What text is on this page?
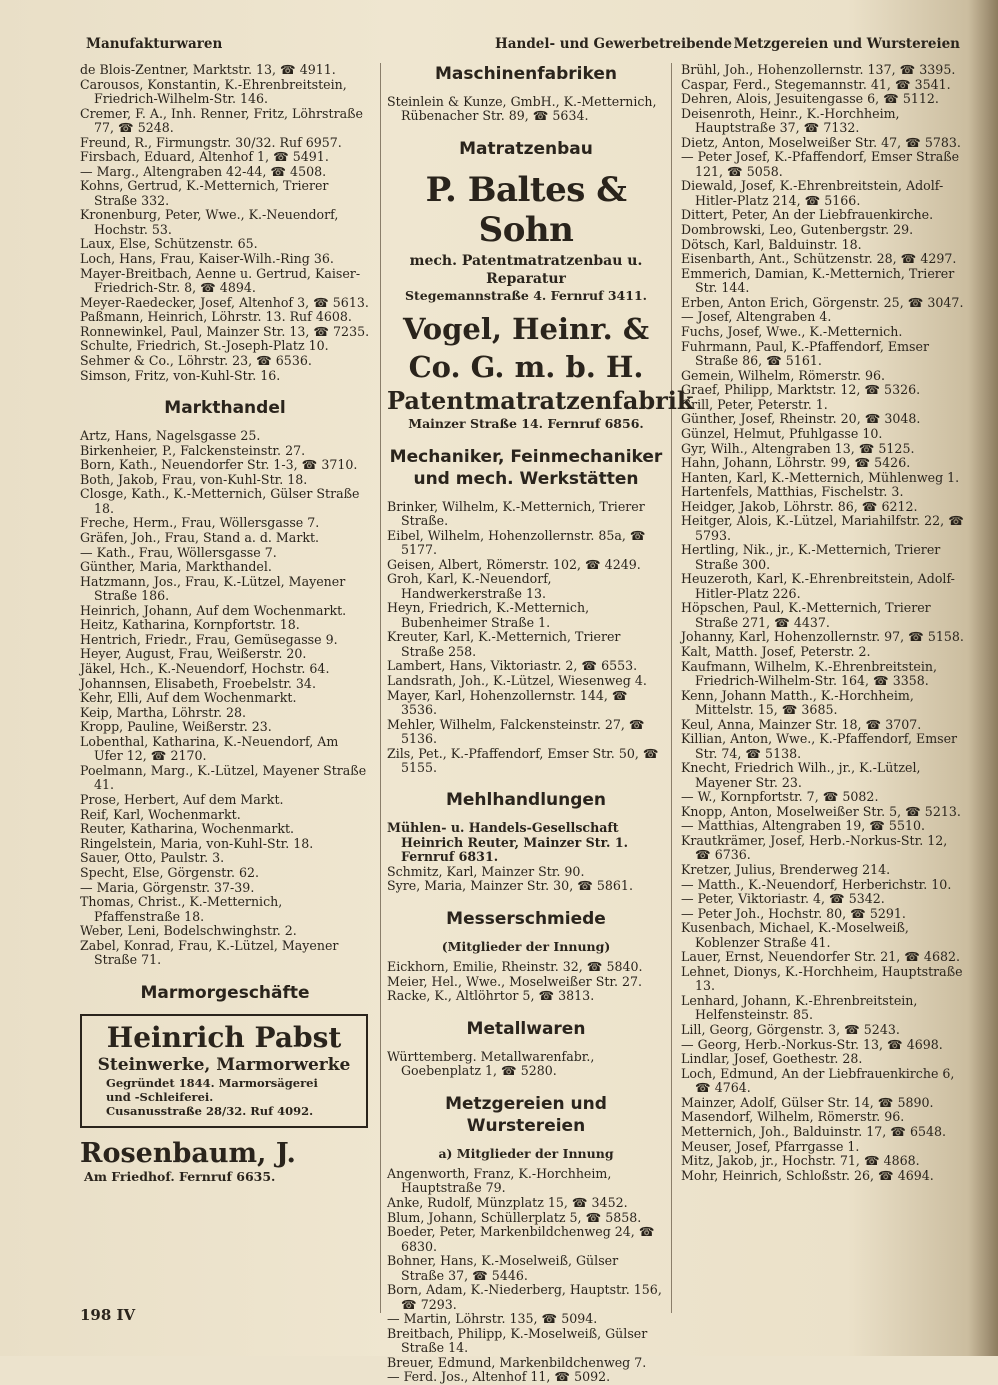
Manufakturwaren	Handel- und Gewerbetreibende Metzgereien und Wurstereien
de Blois-Zentner, Marktstr. 13, ☎ 4911.
Carousos, Konstantin, K.-Ehrenbreitstein, Friedrich-Wilhelm-Str. 146.
Cremer, F. A., Inh. Renner, Fritz, Löhrstraße 77, ☎ 5248.
Freund, R., Firmungstr. 30/32. Ruf 6957.
Firsbach, Eduard, Altenhof 1, ☎ 5491.
— Marg., Altengraben 42-44, ☎ 4508.
Kohns, Gertrud, K.-Metternich, Trierer Straße 332.
Kronenburg, Peter, Wwe., K.-Neuendorf, Hochstr. 53.
Laux, Else, Schützenstr. 65.
Loch, Hans, Frau, Kaiser-Wilh.-Ring 36.
Mayer-Breitbach, Aenne u. Gertrud, Kaiser-Friedrich-Str. 8, ☎ 4894.
Meyer-Raedecker, Josef, Altenhof 3, ☎ 5613.
Paßmann, Heinrich, Löhrstr. 13. Ruf 4608.
Ronnewinkel, Paul, Mainzer Str. 13, ☎ 7235.
Schulte, Friedrich, St.-Joseph-Platz 10.
Sehmer & Co., Löhrstr. 23, ☎ 6536.
Simson, Fritz, von-Kuhl-Str. 16.
Markthandel
Artz, Hans, Nagelsgasse 25.
Birkenheier, P., Falckensteinstr. 27.
Born, Kath., Neuendorfer Str. 1-3, ☎ 3710.
Both, Jakob, Frau, von-Kuhl-Str. 18.
Closge, Kath., K.-Metternich, Gülser Straße 18.
Freche, Herm., Frau, Wöllersgasse 7.
Gräfen, Joh., Frau, Stand a. d. Markt.
— Kath., Frau, Wöllersgasse 7.
Günther, Maria, Markthandel.
Hatzmann, Jos., Frau, K.-Lützel, Mayener Straße 186.
Heinrich, Johann, Auf dem Wochenmarkt.
Heitz, Katharina, Kornpfortstr. 18.
Hentrich, Friedr., Frau, Gemüsegasse 9.
Heyer, August, Frau, Weißerstr. 20.
Jäkel, Hch., K.-Neuendorf, Hochstr. 64.
Johannsen, Elisabeth, Froebelstr. 34.
Kehr, Elli, Auf dem Wochenmarkt.
Keip, Martha, Löhrstr. 28.
Kropp, Pauline, Weißerstr. 23.
Lobenthal, Katharina, K.-Neuendorf, Am Ufer 12, ☎ 2170.
Poelmann, Marg., K.-Lützel, Mayener Straße 41.
Prose, Herbert, Auf dem Markt.
Reif, Karl, Wochenmarkt.
Reuter, Katharina, Wochenmarkt.
Ringelstein, Maria, von-Kuhl-Str. 18.
Sauer, Otto, Paulstr. 3.
Specht, Else, Görgenstr. 62.
— Maria, Görgenstr. 37-39.
Thomas, Christ., K.-Metternich, Pfaffenstraße 18.
Weber, Leni, Bodelschwinghstr. 2.
Zabel, Konrad, Frau, K.-Lützel, Mayener Straße 71.
Marmorgeschäfte
Heinrich Pabst
Steinwerke, Marmorwerke
Gegründet 1844. Marmorsägerei
und -Schleiferei.
Cusanusstraße 28/32. Ruf 4092.
Rosenbaum, J.
Am Friedhof. Fernruf 6635.
Maschinenfabriken
Steinlein & Kunze, GmbH., K.-Metternich, Rübenacher Str. 89, ☎ 5634.
Matratzenbau
P. Baltes & Sohn
mech. Patentmatratzenbau u. Reparatur
Stegemannstraße 4. Fernruf 3411.
Vogel, Heinr. & Co. G. m. b. H.
Patentmatratzenfabrik
Mainzer Straße 14. Fernruf 6856.
Mechaniker, Feinmechaniker und mech. Werkstätten
Brinker, Wilhelm, K.-Metternich, Trierer Straße.
Eibel, Wilhelm, Hohenzollernstr. 85a, ☎ 5177.
Geisen, Albert, Römerstr. 102, ☎ 4249.
Groh, Karl, K.-Neuendorf, Handwerkerstraße 13.
Heyn, Friedrich, K.-Metternich, Bubenheimer Straße 1.
Kreuter, Karl, K.-Metternich, Trierer Straße 258.
Lambert, Hans, Viktoriastr. 2, ☎ 6553.
Landsrath, Joh., K.-Lützel, Wiesenweg 4.
Mayer, Karl, Hohenzollernstr. 144, ☎ 3536.
Mehler, Wilhelm, Falckensteinstr. 27, ☎ 5136.
Zils, Pet., K.-Pfaffendorf, Emser Str. 50, ☎ 5155.
Mehlhandlungen
Mühlen- u. Handels-Gesellschaft Heinrich Reuter, Mainzer Str. 1. Fernruf 6831.
Schmitz, Karl, Mainzer Str. 90.
Syre, Maria, Mainzer Str. 30, ☎ 5861.
Messerschmiede
(Mitglieder der Innung)
Eickhorn, Emilie, Rheinstr. 32, ☎ 5840.
Meier, Hel., Wwe., Moselweißer Str. 27.
Racke, K., Altlöhrtor 5, ☎ 3813.
Metallwaren
Württemberg. Metallwarenfabr., Goebenplatz 1, ☎ 5280.
Metzgereien und Wurstereien
a) Mitglieder der Innung
Angenworth, Franz, K.-Horchheim, Hauptstraße 79.
Anke, Rudolf, Münzplatz 15, ☎ 3452.
Blum, Johann, Schüllerplatz 5, ☎ 5858.
Boeder, Peter, Markenbildchenweg 24, ☎ 6830.
Bohner, Hans, K.-Moselweiß, Gülser Straße 37, ☎ 5446.
Born, Adam, K.-Niederberg, Hauptstr. 156, ☎ 7293.
— Martin, Löhrstr. 135, ☎ 5094.
Breitbach, Philipp, K.-Moselweiß, Gülser Straße 14.
Breuer, Edmund, Markenbildchenweg 7.
— Ferd. Jos., Altenhof 11, ☎ 5092.
Brühl, Joh., Hohenzollernstr. 137, ☎ 3395.
Caspar, Ferd., Stegemannstr. 41, ☎ 3541.
Dehren, Alois, Jesuitengasse 6, ☎ 5112.
Deisenroth, Heinr., K.-Horchheim, Hauptstraße 37, ☎ 7132.
Dietz, Anton, Moselweißer Str. 47, ☎ 5783.
— Peter Josef, K.-Pfaffendorf, Emser Straße 121, ☎ 5058.
Diewald, Josef, K.-Ehrenbreitstein, Adolf-Hitler-Platz 214, ☎ 5166.
Dittert, Peter, An der Liebfrauenkirche.
Dombrowski, Leo, Gutenbergstr. 29.
Dötsch, Karl, Balduinstr. 18.
Eisenbarth, Ant., Schützenstr. 28, ☎ 4297.
Emmerich, Damian, K.-Metternich, Trierer Str. 144.
Erben, Anton Erich, Görgenstr. 25, ☎ 3047.
— Josef, Altengraben 4.
Fuchs, Josef, Wwe., K.-Metternich.
Fuhrmann, Paul, K.-Pfaffendorf, Emser Straße 86, ☎ 5161.
Gemein, Wilhelm, Römerstr. 96.
Graef, Philipp, Marktstr. 12, ☎ 5326.
Grill, Peter, Peterstr. 1.
Günther, Josef, Rheinstr. 20, ☎ 3048.
Günzel, Helmut, Pfuhlgasse 10.
Gyr, Wilh., Altengraben 13, ☎ 5125.
Hahn, Johann, Löhrstr. 99, ☎ 5426.
Hanten, Karl, K.-Metternich, Mühlenweg 1.
Hartenfels, Matthias, Fischelstr. 3.
Heidger, Jakob, Löhrstr. 86, ☎ 6212.
Heitger, Alois, K.-Lützel, Mariahilfstr. 22, ☎ 5793.
Hertling, Nik., jr., K.-Metternich, Trierer Straße 300.
Heuzeroth, Karl, K.-Ehrenbreitstein, Adolf-Hitler-Platz 226.
Höpschen, Paul, K.-Metternich, Trierer Straße 271, ☎ 4437.
Johanny, Karl, Hohenzollernstr. 97, ☎ 5158.
Kalt, Matth. Josef, Peterstr. 2.
Kaufmann, Wilhelm, K.-Ehrenbreitstein, Friedrich-Wilhelm-Str. 164, ☎ 3358.
Kenn, Johann Matth., K.-Horchheim, Mittelstr. 15, ☎ 3685.
Keul, Anna, Mainzer Str. 18, ☎ 3707.
Killian, Anton, Wwe., K.-Pfaffendorf, Emser Str. 74, ☎ 5138.
Knecht, Friedrich Wilh., jr., K.-Lützel, Mayener Str. 23.
— W., Kornpfortstr. 7, ☎ 5082.
Knopp, Anton, Moselweißer Str. 5, ☎ 5213.
— Matthias, Altengraben 19, ☎ 5510.
Krautkrämer, Josef, Herb.-Norkus-Str. 12, ☎ 6736.
Kretzer, Julius, Brenderweg 214.
— Matth., K.-Neuendorf, Herberichstr. 10.
— Peter, Viktoriastr. 4, ☎ 5342.
— Peter Joh., Hochstr. 80, ☎ 5291.
Kusenbach, Michael, K.-Moselweiß, Koblenzer Straße 41.
Lauer, Ernst, Neuendorfer Str. 21, ☎ 4682.
Lehnet, Dionys, K.-Horchheim, Hauptstraße 13.
Lenhard, Johann, K.-Ehrenbreitstein, Helfensteinstr. 85.
Lill, Georg, Görgenstr. 3, ☎ 5243.
— Georg, Herb.-Norkus-Str. 13, ☎ 4698.
Lindlar, Josef, Goethestr. 28.
Loch, Edmund, An der Liebfrauenkirche 6, ☎ 4764.
Mainzer, Adolf, Gülser Str. 14, ☎ 5890.
Masendorf, Wilhelm, Römerstr. 96.
Metternich, Joh., Balduinstr. 17, ☎ 6548.
Meuser, Josef, Pfarrgasse 1.
Mitz, Jakob, jr., Hochstr. 71, ☎ 4868.
Mohr, Heinrich, Schloßstr. 26, ☎ 4694.
198 IV
